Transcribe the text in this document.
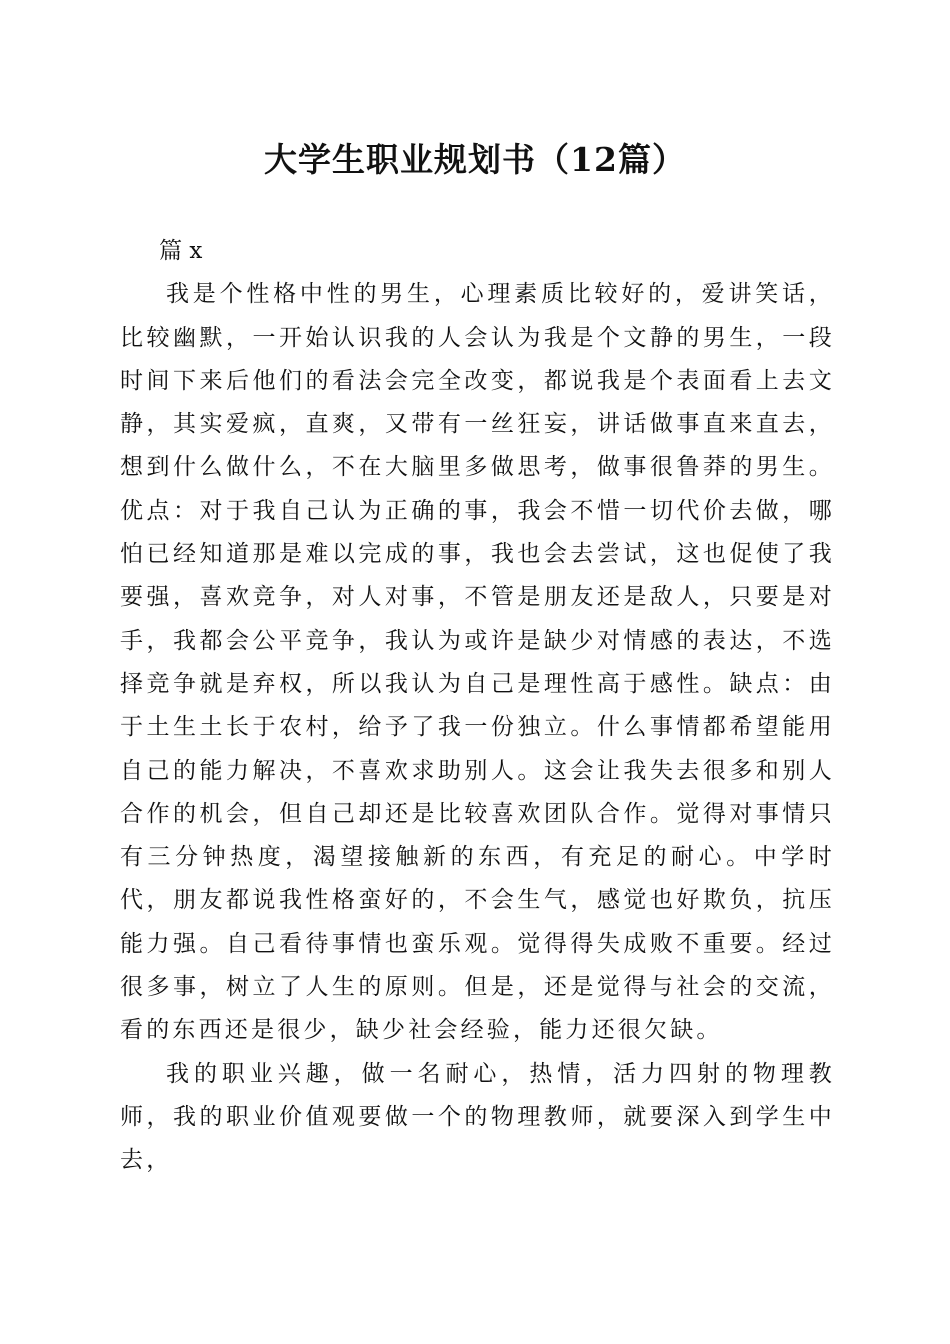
大学生职业规划书（12篇）

篇 x

我是个性格中性的男生，心理素质比较好的，爱讲笑话，比较幽默，一开始认识我的人会认为我是个文静的男生，一段时间下来后他们的看法会完全改变，都说我是个表面看上去文静，其实爱疯，直爽，又带有一丝狂妄，讲话做事直来直去，想到什么做什么，不在大脑里多做思考，做事很鲁莽的男生。优点：对于我自己认为正确的事，我会不惜一切代价去做，哪怕已经知道那是难以完成的事，我也会去尝试，这也促使了我要强，喜欢竞争，对人对事，不管是朋友还是敌人，只要是对手，我都会公平竞争，我认为或许是缺少对情感的表达，不选择竞争就是弃权，所以我认为自己是理性高于感性。缺点：由于土生土长于农村，给予了我一份独立。什么事情都希望能用自己的能力解决，不喜欢求助别人。这会让我失去很多和别人合作的机会，但自己却还是比较喜欢团队合作。觉得对事情只有三分钟热度，渴望接触新的东西，有充足的耐心。中学时代，朋友都说我性格蛮好的，不会生气，感觉也好欺负，抗压能力强。自己看待事情也蛮乐观。觉得得失成败不重要。经过很多事，树立了人生的原则。但是，还是觉得与社会的交流，看的东西还是很少，缺少社会经验，能力还很欠缺。

我的职业兴趣，做一名耐心，热情，活力四射的物理教师，我的职业价值观要做一个的物理教师，就要深入到学生中去，
